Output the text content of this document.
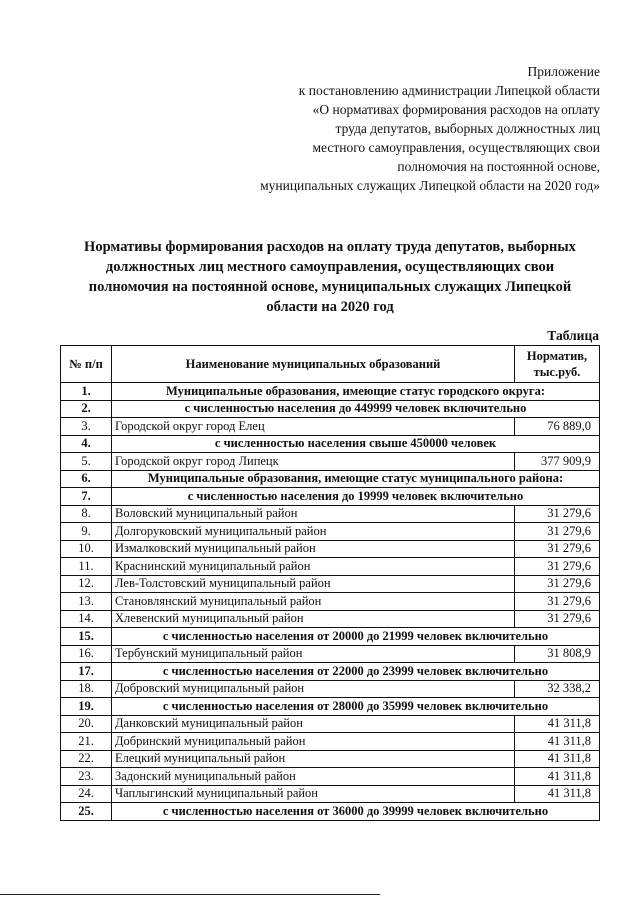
Приложение
к постановлению администрации Липецкой области
«О нормативах формирования расходов на оплату
труда депутатов, выборных должностных лиц
местного самоуправления, осуществляющих свои
полномочия на постоянной основе,
муниципальных служащих Липецкой области на 2020 год»
Нормативы формирования расходов на оплату труда депутатов, выборных
должностных лиц местного самоуправления, осуществляющих свои
полномочия на постоянной основе, муниципальных служащих Липецкой
области на 2020 год
Таблица
№ п/п	Наименование муниципальных образований	Норматив,
тыс.руб.

1.	Муниципальные образования, имеющие статус городского округа:	
2.	с численностью населения до 449999 человек включительно	
3.	Городской округ город Елец	76 889,0
4.	с численностью населения свыше 450000 человек	
5.	Городской округ город Липецк	377 909,9
6.	Муниципальные образования, имеющие статус муниципального района:	
7.	с численностью населения до 19999 человек включительно	
8.	Воловский муниципальный район	31 279,6
9.	Долгоруковский муниципальный район	31 279,6
10.	Измалковский муниципальный район	31 279,6
11.	Краснинский муниципальный район	31 279,6
12.	Лев-Толстовский муниципальный район	31 279,6
13.	Становлянский муниципальный район	31 279,6
14.	Хлевенский муниципальный район	31 279,6
15.	с численностью населения от 20000 до 21999 человек включительно	
16.	Тербунский муниципальный район	31 808,9
17.	с численностью населения от 22000 до 23999 человек включительно	
18.	Добровский муниципальный район	32 338,2
19.	с численностью населения от 28000 до 35999 человек включительно	
20.	Данковский муниципальный район	41 311,8
21.	Добринский муниципальный район	41 311,8
22.	Елецкий муниципальный район	41 311,8
23.	Задонский муниципальный район	41 311,8
24.	Чаплыгинский муниципальный район	41 311,8
25.	с численностью населения от 36000 до 39999 человек включительно	
